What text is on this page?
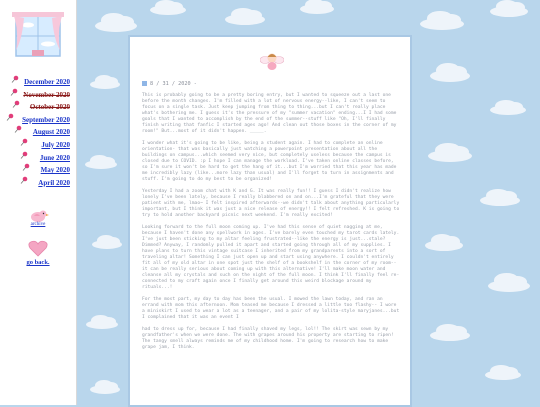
December 2020
November 2020
October 2020
September 2020
August 2020
July 2020
June 2020
May 2020
April 2020
archive
go back.
8 / 31 / 2020 -

This is probably going to be a pretty boring entry, but I wanted to squeeze out a last one before the month changes. I'm filled with a lot of nervous energy--like, I can't seem to focus on a single task. Just keep jumping from thing to thing...but I can't really place what's bothering me. I guess it's the pressure of my "summer vacation" ending...I I had some goals that I wanted to accomplish by the end of the summer--stuff like "Oh, I'll finally finish writing that fanfic I started ages ago! And clean out those boxes in the corner of my room!" But...most of it didn't happen. _____.

I wonder what it's going to be like, being a student again. I had to complete an online orientation- that was basically just watching a powerpoint presentation about all the buildings on campus...which seemed very nice, but completely useless because the campus is closed due to COVID. :p I hope I can manage the workload. I've taken online classes before, so I'm sure it won't be hard to get the hang of it...but I'm worried that this year has made me incredibly lazy (like...more lazy than usual) and I'll forget to turn in assignments and stuff. I'm going to do my best to be organized!

Yesterday I had a zoom chat with K and G. It was really fun!! I guess I didn't realize how lonely I've been lately, because I really blabbered on and on...I'm grateful that they were patient with me, lmao~ I felt inspired afterwards--we didn't talk about anything particularly important, but I think it was just a nice release of energy!! I felt refreshed. K is going to try to hold another backyard picnic next weekend. I'm really excited!

Looking forward to the full moon coming up. I've had this sense of quiet nagging at me, because I haven't done any spellwork in ages. I've barely even touched my tarot cards lately. I've just been sticking to my altar feeling frustrated--like the energy is just...stale? Dimmed? Anyway, I randomly pulled it apart and started going through all of my supplies. I have plans to turn this vintage suitcase I inherited from my grandparents into a sort of traveling altar! Something I can just open up and start using anywhere. I couldn't entirely fit all of my old altar in one spot just the shelf of a bookshelf in the corner of my room--it can be really serious about coming up with this alternative! I'll make moon water and cleanse all my crystals and such on the night of the full moon. I think I'll finally feel re-connected to my craft again once I finally get around this weird blockage around my rituals...!

For the most part, my day to day has been the usual. I mowed the lawn today, and ran an errand with mom this afternoon. Mom teased me because I dressed a little too flashy-- I wore a miniskirt I used to wear a lot as a teenager, and a pair of my lolita-style maryjanes...but I complained that it was an event I

had to dress up for, because I had finally shaved my legs, lol!! The skirt was sewn by my grandfather's when we were done. The with grapes around his property are starting to ripen! The tangy smell always reminds me of my childhood home. I'm going to research how to make grape jam, I think.
